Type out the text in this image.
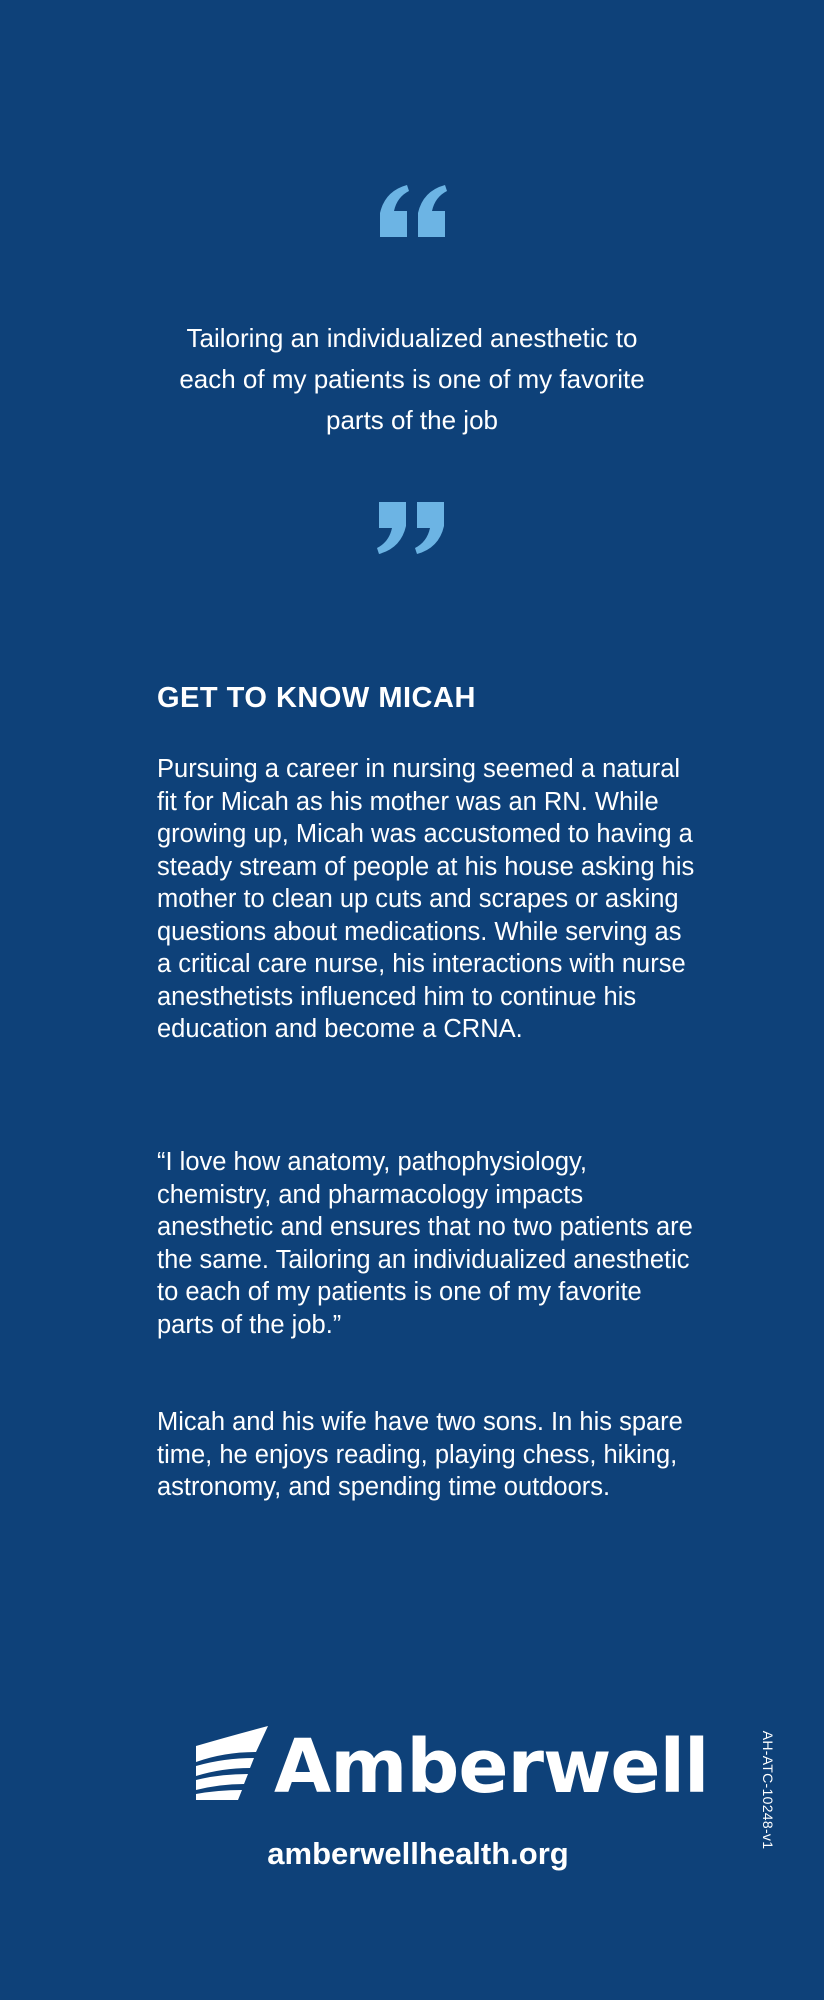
Tailoring an individualized anesthetic to each of my patients is one of my favorite parts of the job

GET TO KNOW MICAH

Pursuing a career in nursing seemed a natural fit for Micah as his mother was an RN. While growing up, Micah was accustomed to having a steady stream of people at his house asking his mother to clean up cuts and scrapes or asking questions about medications. While serving as a critical care nurse, his interactions with nurse anesthetists influenced him to continue his education and become a CRNA.

“I love how anatomy, pathophysiology, chemistry, and pharmacology impacts anesthetic and ensures that no two patients are the same. Tailoring an individualized anesthetic to each of my patients is one of my favorite parts of the job.”

Micah and his wife have two sons. In his spare time, he enjoys reading, playing chess, hiking, astronomy, and spending time outdoors.

Amberwell

amberwellhealth.org

AH-ATC-10248-v1
